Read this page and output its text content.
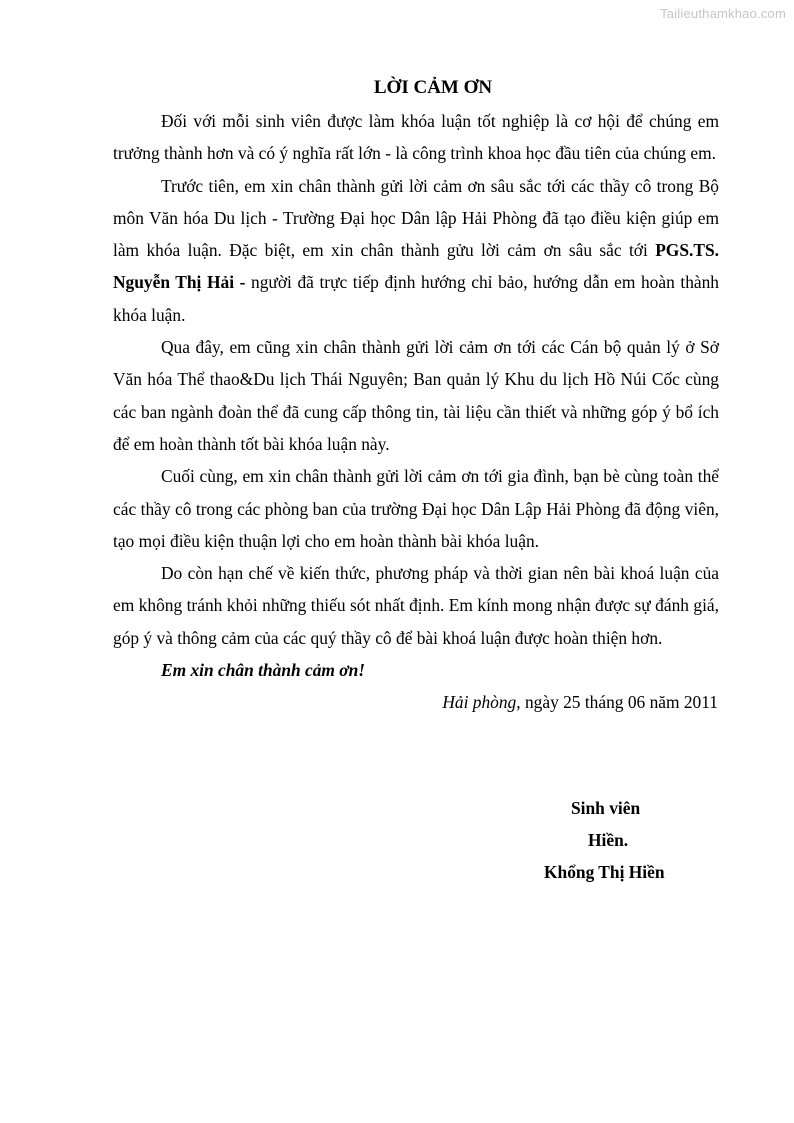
Tailieuthamkhao.com
LỜI CẢM ƠN

Đối với mỗi sinh viên được làm khóa luận tốt nghiệp là cơ hội để chúng em trưởng thành hơn và có ý nghĩa rất lớn - là công trình khoa học đầu tiên của chúng em.

Trước tiên, em xin chân thành gửi lời cảm ơn sâu sắc tới các thầy cô trong Bộ môn Văn hóa Du lịch - Trường Đại học Dân lập Hải Phòng đã tạo điều kiện giúp em làm khóa luận. Đặc biệt, em xin chân thành gửu lời cảm ơn sâu sắc tới PGS.TS. Nguyễn Thị Hải - người đã trực tiếp định hướng chỉ bảo, hướng dẫn em hoàn thành khóa luận.

Qua đây, em cũng xin chân thành gửi lời cảm ơn tới các Cán bộ quản lý ở Sở Văn hóa Thể thao&Du lịch Thái Nguyên; Ban quản lý Khu du lịch Hồ Núi Cốc cùng các ban ngành đoàn thể đã cung cấp thông tin, tài liệu cần thiết và những góp ý bổ ích để em hoàn thành tốt bài khóa luận này.

Cuối cùng, em xin chân thành gửi lời cảm ơn tới gia đình, bạn bè cùng toàn thể các thầy cô trong các phòng ban của trường Đại học Dân Lập Hải Phòng đã động viên, tạo mọi điều kiện thuận lợi cho em hoàn thành bài khóa luận.

Do còn hạn chế về kiến thức, phương pháp và thời gian nên bài khoá luận của em không tránh khỏi những thiếu sót nhất định. Em kính mong nhận được sự đánh giá, góp ý và thông cảm của các quý thầy cô để bài khoá luận được hoàn thiện hơn.

Em xin chân thành cảm ơn!

Hải phòng, ngày 25 tháng 06 năm 2011

Sinh viên
Hiền.
Khổng Thị Hiền
